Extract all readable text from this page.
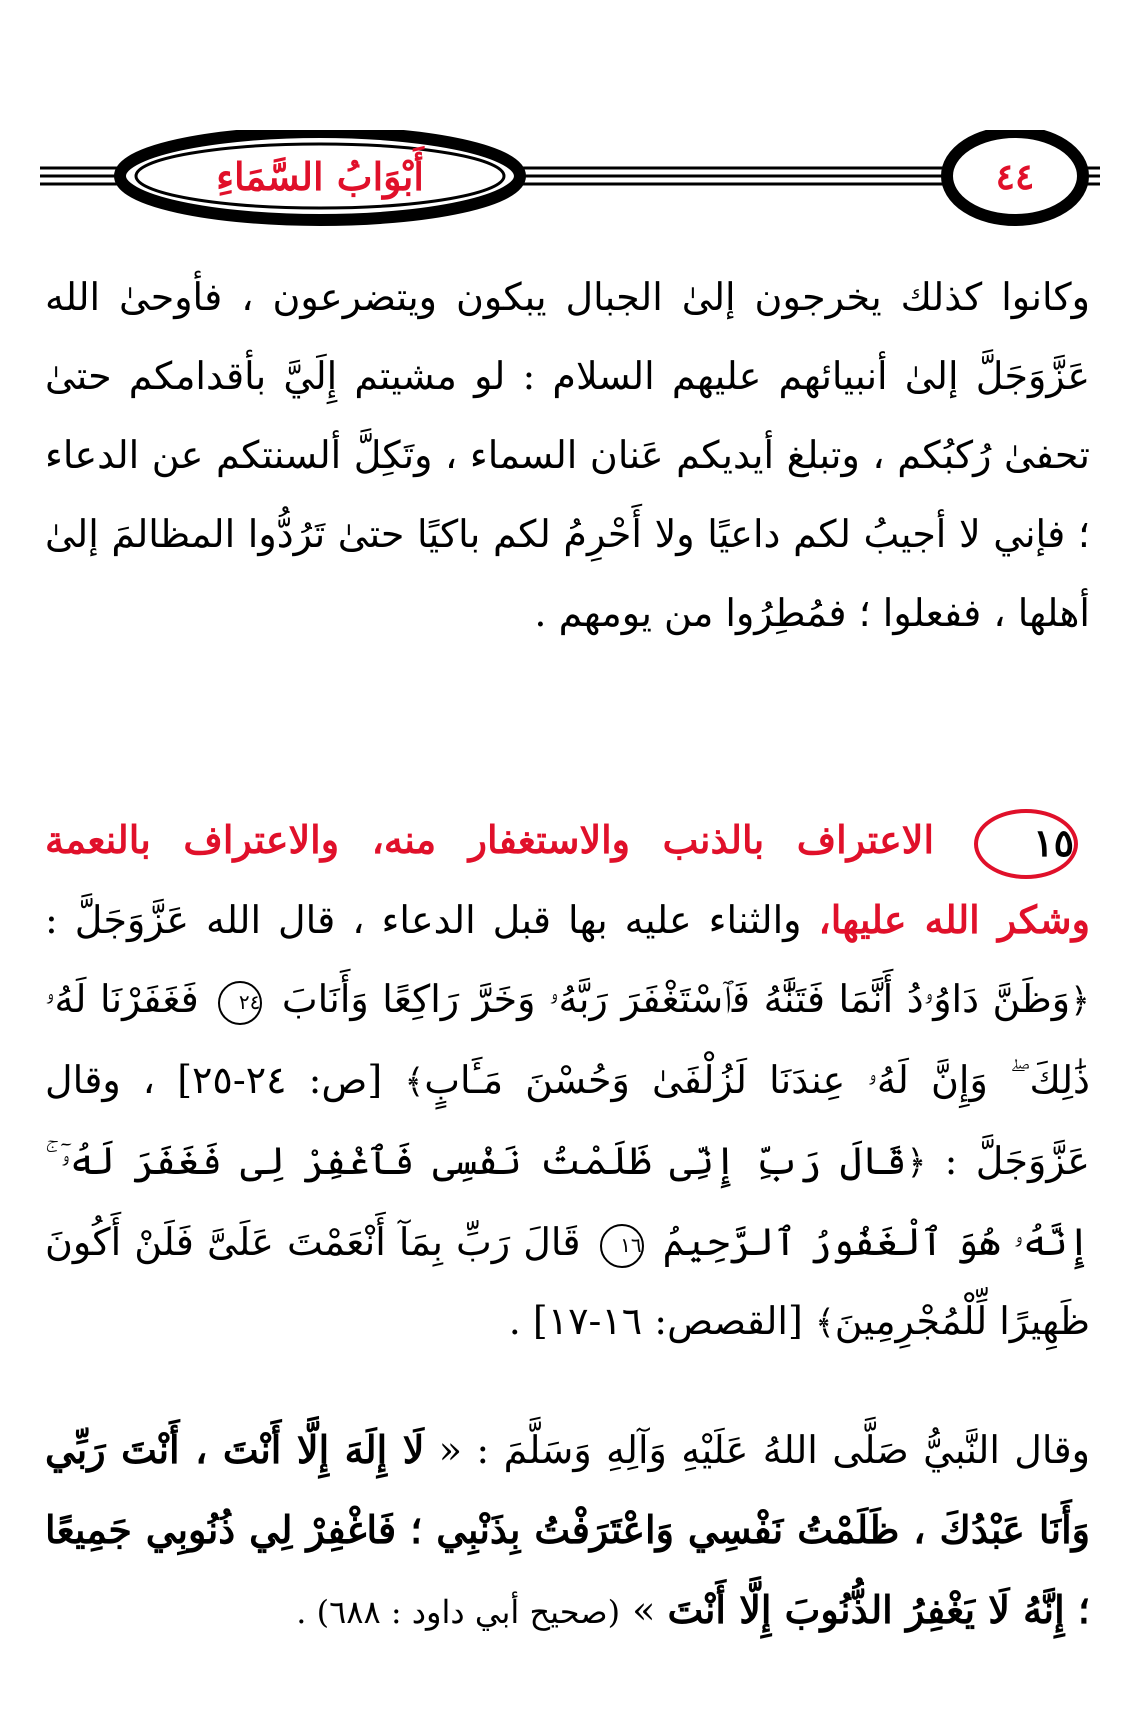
أَبْوَابُ السَّمَاءِ	٤٤
وكانوا كذلك يخرجون إلىٰ الجبال يبكون ويتضرعون ، فأوحىٰ الله عَزَّوَجَلَّ إلىٰ أنبيائهم عليهم السلام : لو مشيتم إِلَيَّ بأقدامكم حتىٰ تحفىٰ رُكبُكم ، وتبلغ أيديكم عَنان السماء ، وتَكِلَّ ألسنتكم عن الدعاء ؛ فإني لا أجيبُ لكم داعيًا ولا أَحْرِمُ لكم باكيًا حتىٰ تَرُدُّوا المظالمَ إلىٰ أهلها ، ففعلوا ؛ فمُطِرُوا من يومهم .
١٥الاعتراف بالذنب والاستغفار منه، والاعتراف بالنعمة وشكر الله عليها، والثناء عليه بها قبل الدعاء ، قال الله عَزَّوَجَلَّ : ﴿وَظَنَّ دَاوُۥدُ أَنَّمَا فَتَنَّٰهُ فَٱسْتَغْفَرَ رَبَّهُۥ وَخَرَّ رَاكِعًا وَأَنَابَ ٢٤ فَغَفَرْنَا لَهُۥ ذَٰلِكَ ۖ وَإِنَّ لَهُۥ عِندَنَا لَزُلْفَىٰ وَحُسْنَ مَـَٔابٍ﴾ [ص: ٢٤-٢٥] ، وقال عَزَّوَجَلَّ : ﴿قَالَ رَبِّ إِنِّى ظَلَمْتُ نَفْسِى فَٱغْفِرْ لِى فَغَفَرَ لَهُۥٓ ۚ إِنَّهُۥ هُوَ ٱلْغَفُورُ ٱلرَّحِيمُ ١٦ قَالَ رَبِّ بِمَآ أَنْعَمْتَ عَلَىَّ فَلَنْ أَكُونَ ظَهِيرًا لِّلْمُجْرِمِينَ﴾ [القصص: ١٦-١٧] .
وقال النَّبيُّ صَلَّى اللهُ عَلَيْهِ وَآلِهِ وَسَلَّمَ : « لَا إِلَهَ إِلَّا أَنْتَ ، أَنْتَ رَبِّي وَأَنَا عَبْدُكَ ، ظَلَمْتُ نَفْسِي وَاعْتَرَفْتُ بِذَنْبِي ؛ فَاغْفِرْ لِي ذُنُوبِي جَمِيعًا ؛ إِنَّهُ لَا يَغْفِرُ الذُّنُوبَ إِلَّا أَنْتَ » (صحيح أبي داود : ٦٨٨) .
